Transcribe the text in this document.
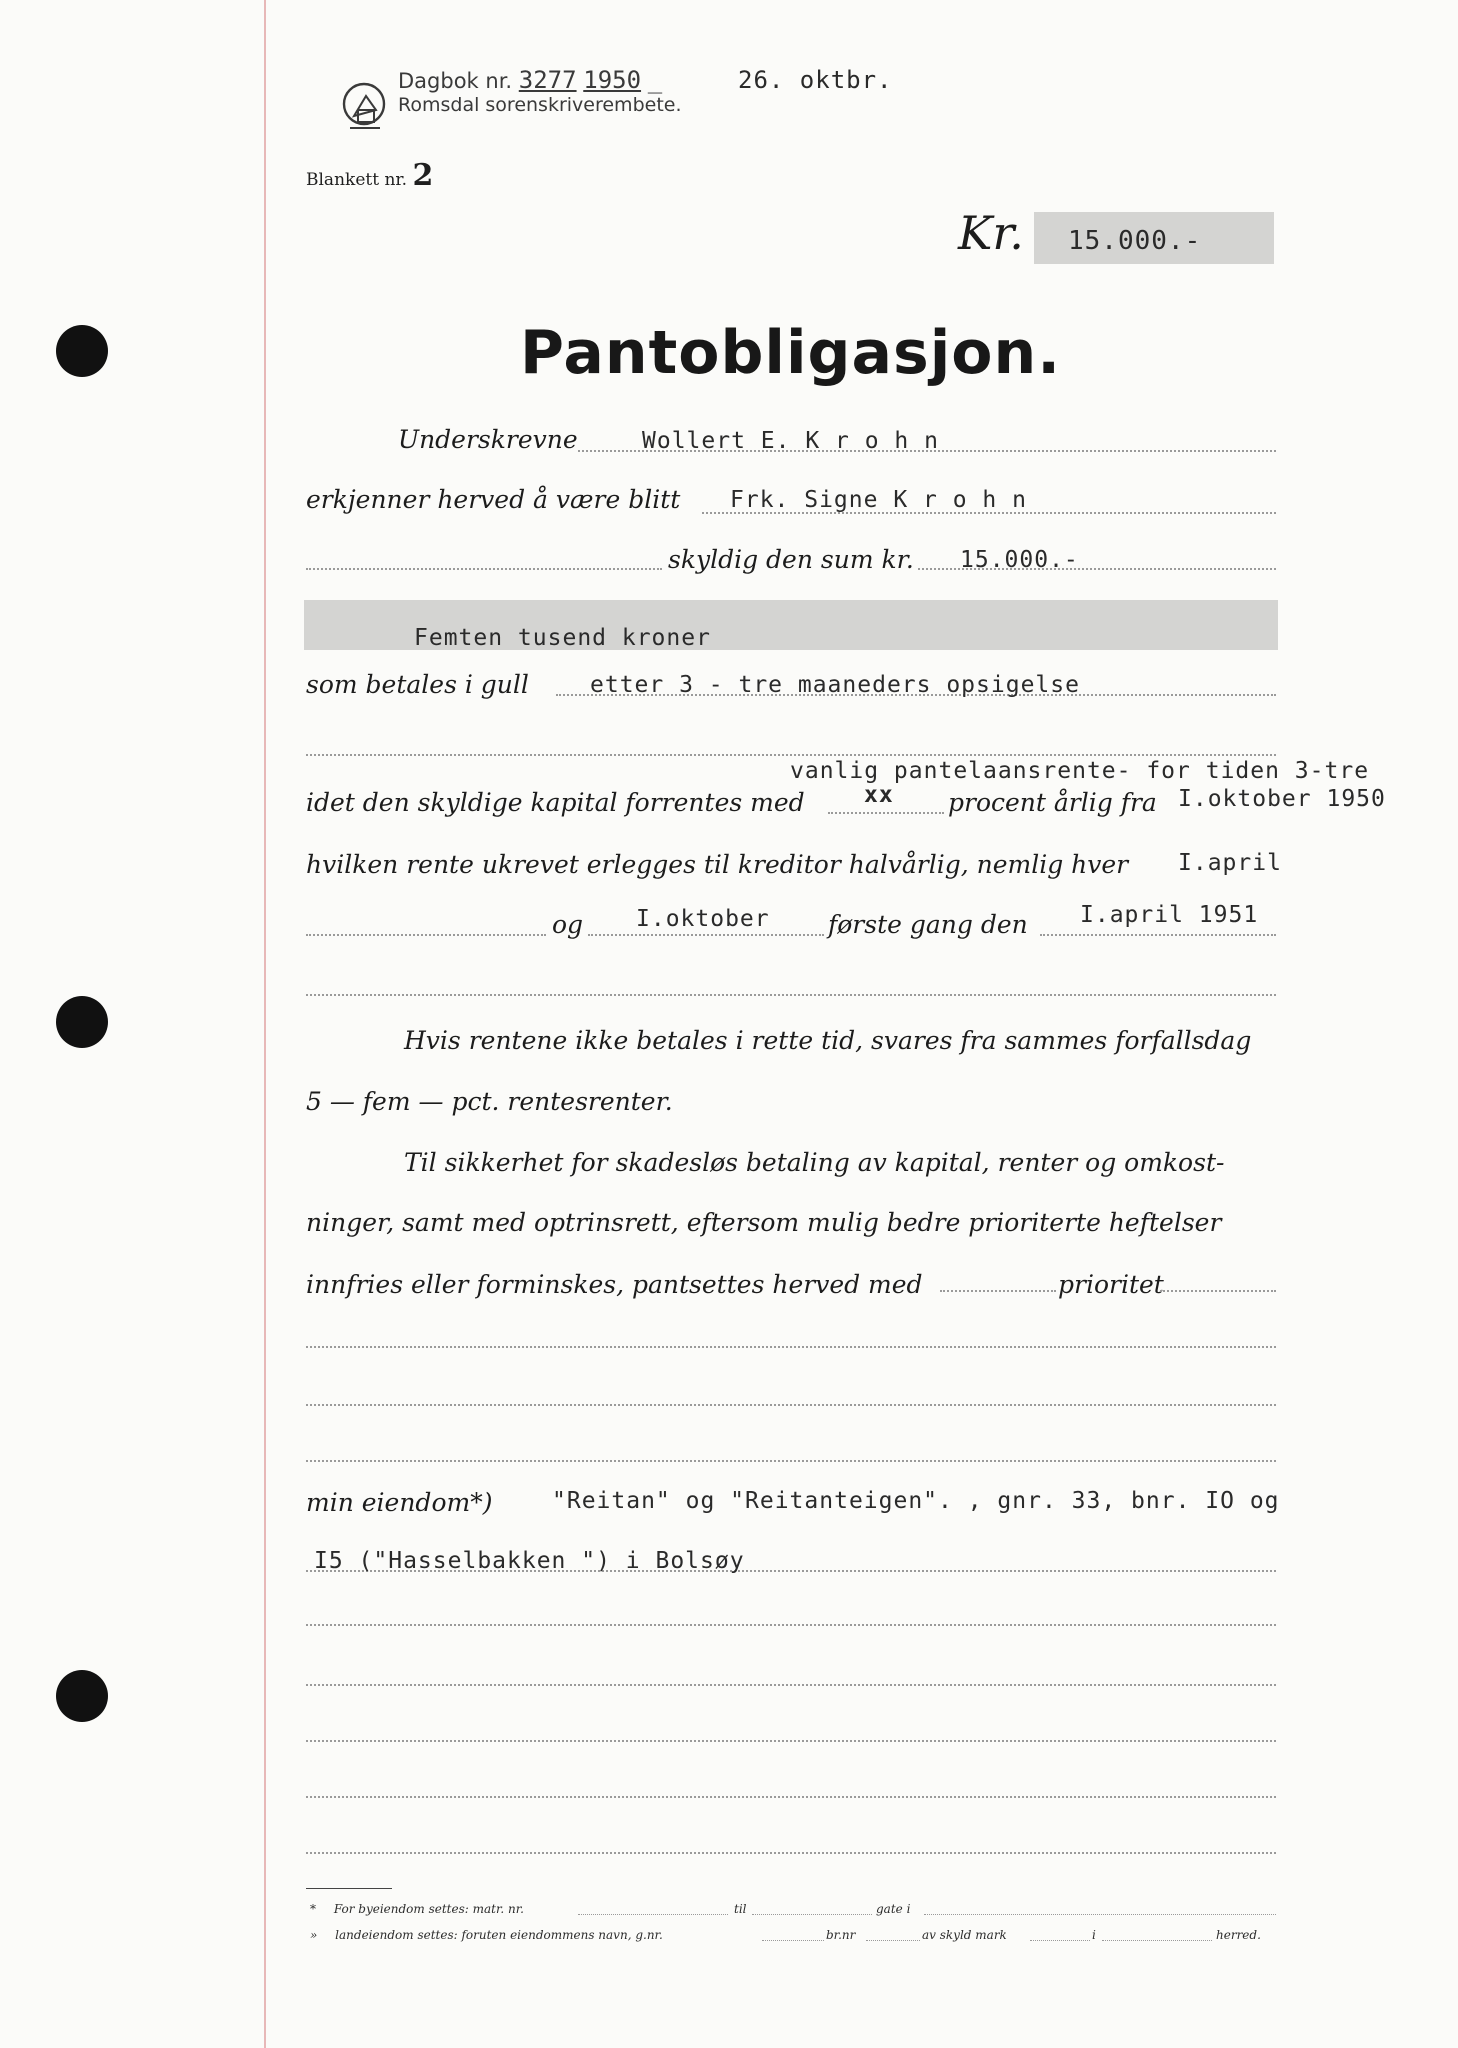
Dagbok nr. 3277 1950 _	26. oktbr.
Romsdal sorenskriverembete.
Blankett nr. 2
Kr. 15.000.-
Pantobligasjon.
Underskrevne	Wollert E. K r o h n
erkjenner herved å være blitt Frk. Signe K r o h n
skyldig den sum kr. 15.000.-
Femten tusend kroner
som betales i gull	etter 3 - tre maaneders opsigelse
vanlig pantelaansrente- for tiden 3-tre
idet den skyldige kapital forrentes med	xx procent årlig fra I.oktober 1950
hvilken rente ukrevet erlegges til kreditor halvårlig, nemlig hver I.april
og I.oktober første gang den I.april 1951
Hvis rentene ikke betales i rette tid, svares fra sammes forfallsdag
5 — fem — pct. rentesrenter.
Til sikkerhet for skadesløs betaling av kapital, renter og omkost-
ninger, samt med optrinsrett, eftersom mulig bedre prioriterte heftelser
innfries eller forminskes, pantsettes herved med	prioritet
min eiendom*)	"Reitan" og "Reitanteigen". , gnr. 33, bnr. IO og
I5 ("Hasselbakken ") i Bolsøy
* For byeiendom settes: matr. nr.	til	gate i
» landeiendom settes: foruten eiendommens navn, g.nr.	br.nr	av skyld mark	i	herred.
